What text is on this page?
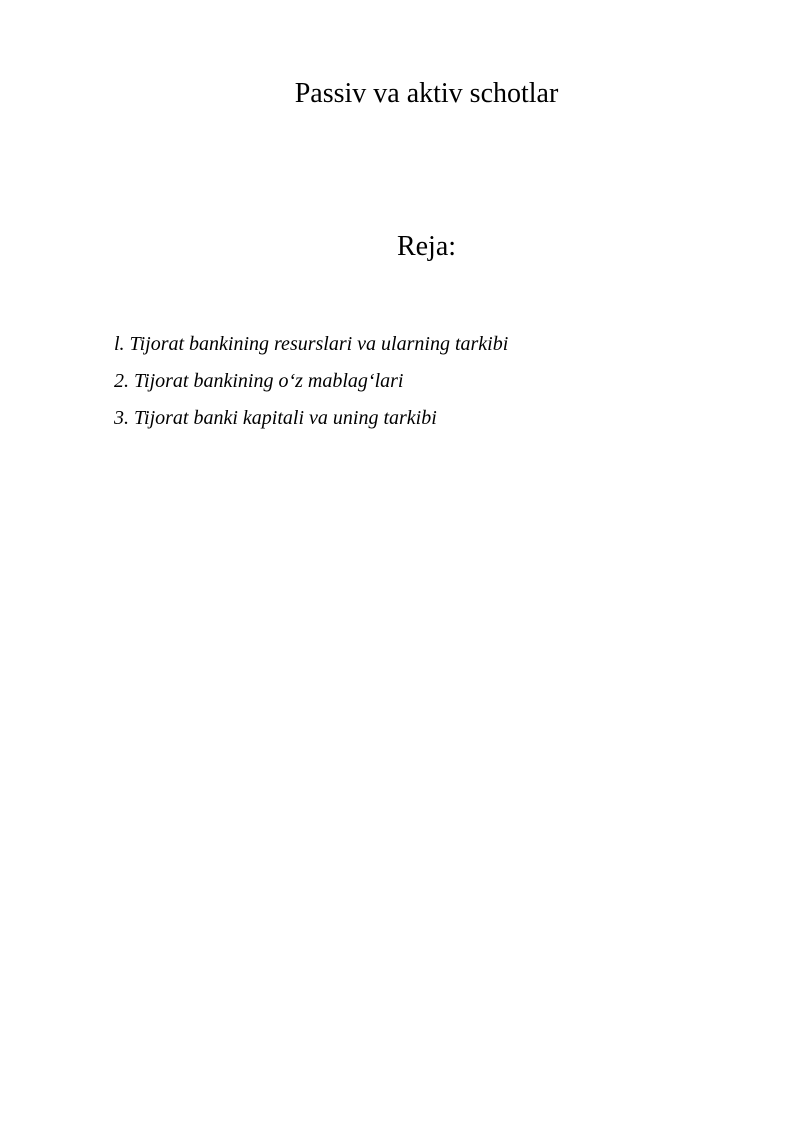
Passiv va aktiv schotlar
Reja:
l. Tijorat bankining resurslari va ularning tarkibi
2. Tijorat bankining o‘z mablag‘lari
3. Tijorat banki kapitali va uning tarkibi
